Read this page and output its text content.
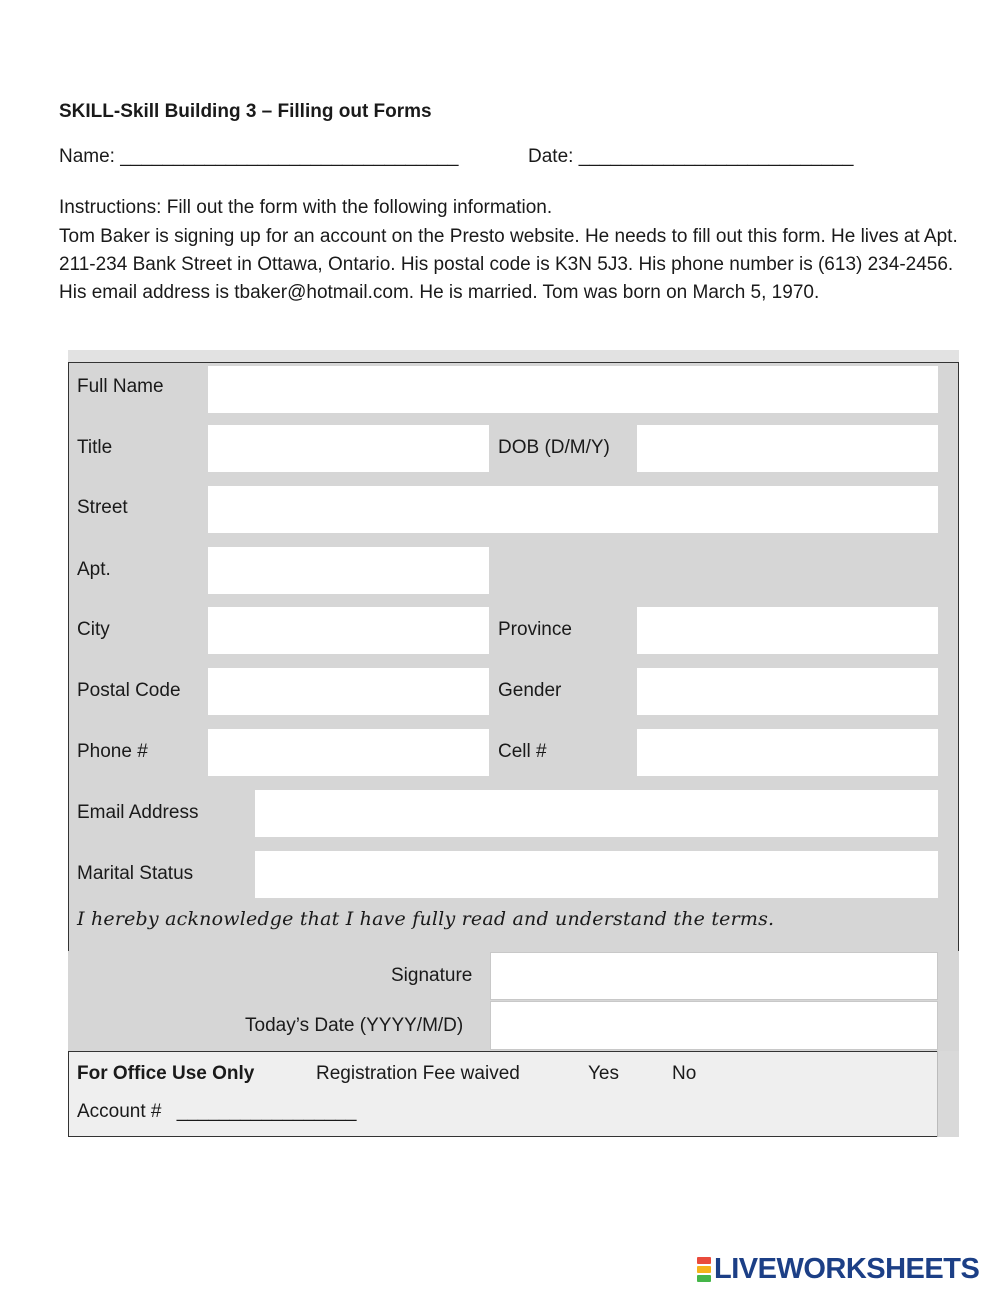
SKILL-Skill Building 3 – Filling out Forms
Name: ________________________________	Date: __________________________
Instructions: Fill out the form with the following information.
Tom Baker is signing up for an account on the Presto website. He needs to fill out this form. He lives at Apt. 211-234 Bank Street in Ottawa, Ontario. His postal code is K3N 5J3. His phone number is (613) 234-2456. His email address is tbaker@hotmail.com. He is married. Tom was born on March 5, 1970.
Full Name
Title	DOB (D/M/Y)
Street
Apt.
City	Province
Postal Code	Gender
Phone #	Cell #
Email Address
Marital Status
I hereby acknowledge that I have fully read and understand the terms.
Signature
Today’s Date (YYYY/M/D)
For Office Use Only	Registration Fee waived	Yes	No
Account # _________________
LIVEWORKSHEETS
